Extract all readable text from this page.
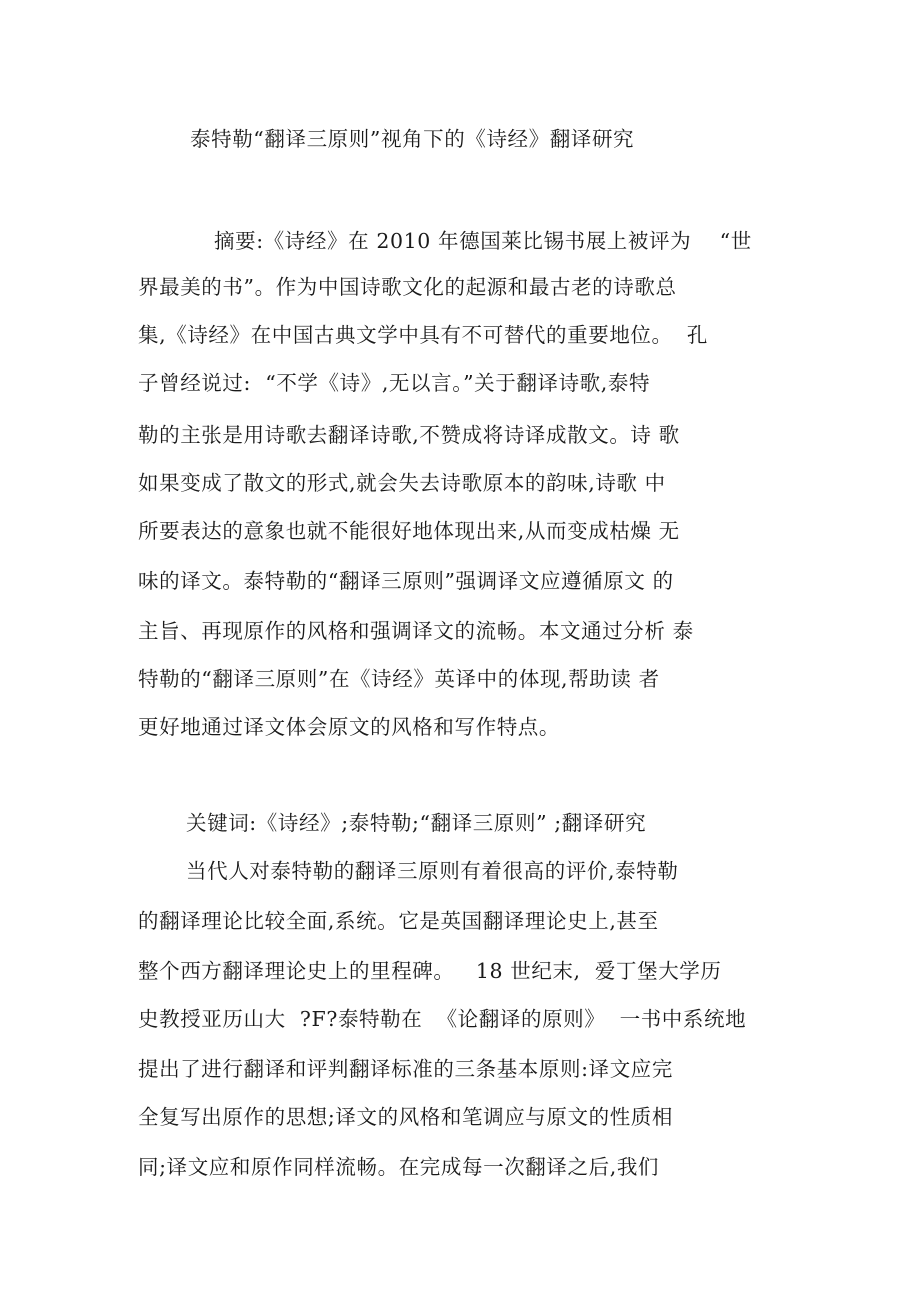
泰特勒“翻译三原则”视角下的《诗经》翻译研究
摘要:《诗经》在 2010 年德国莱比锡书展上被评为    “世
界最美的书”。作为中国诗歌文化的起源和最古老的诗歌总
集,《诗经》在中国古典文学中具有不可替代的重要地位。  孔
子曾经说过:  “不学《诗》,无以言。”关于翻译诗歌,泰特
勒的主张是用诗歌去翻译诗歌,不赞成将诗译成散文。诗 歌
如果变成了散文的形式,就会失去诗歌原本的韵味,诗歌 中
所要表达的意象也就不能很好地体现出来,从而变成枯燥 无
味的译文。泰特勒的“翻译三原则”强调译文应遵循原文 的
主旨、再现原作的风格和强调译文的流畅。本文通过分析 泰
特勒的“翻译三原则”在《诗经》英译中的体现,帮助读 者
更好地通过译文体会原文的风格和写作特点。
关键词:《诗经》;泰特勒;“翻译三原则” ;翻译研究
当代人对泰特勒的翻译三原则有着很高的评价,泰特勒
的翻译理论比较全面,系统。它是英国翻译理论史上,甚至
整个西方翻译理论史上的里程碑。   18 世纪末,  爱丁堡大学历
史教授亚历山大  ?F?泰特勒在  《论翻译的原则》  一书中系统地
提出了进行翻译和评判翻译标准的三条基本原则:译文应完
全复写出原作的思想;译文的风格和笔调应与原文的性质相
同;译文应和原作同样流畅。在完成每一次翻译之后,我们
